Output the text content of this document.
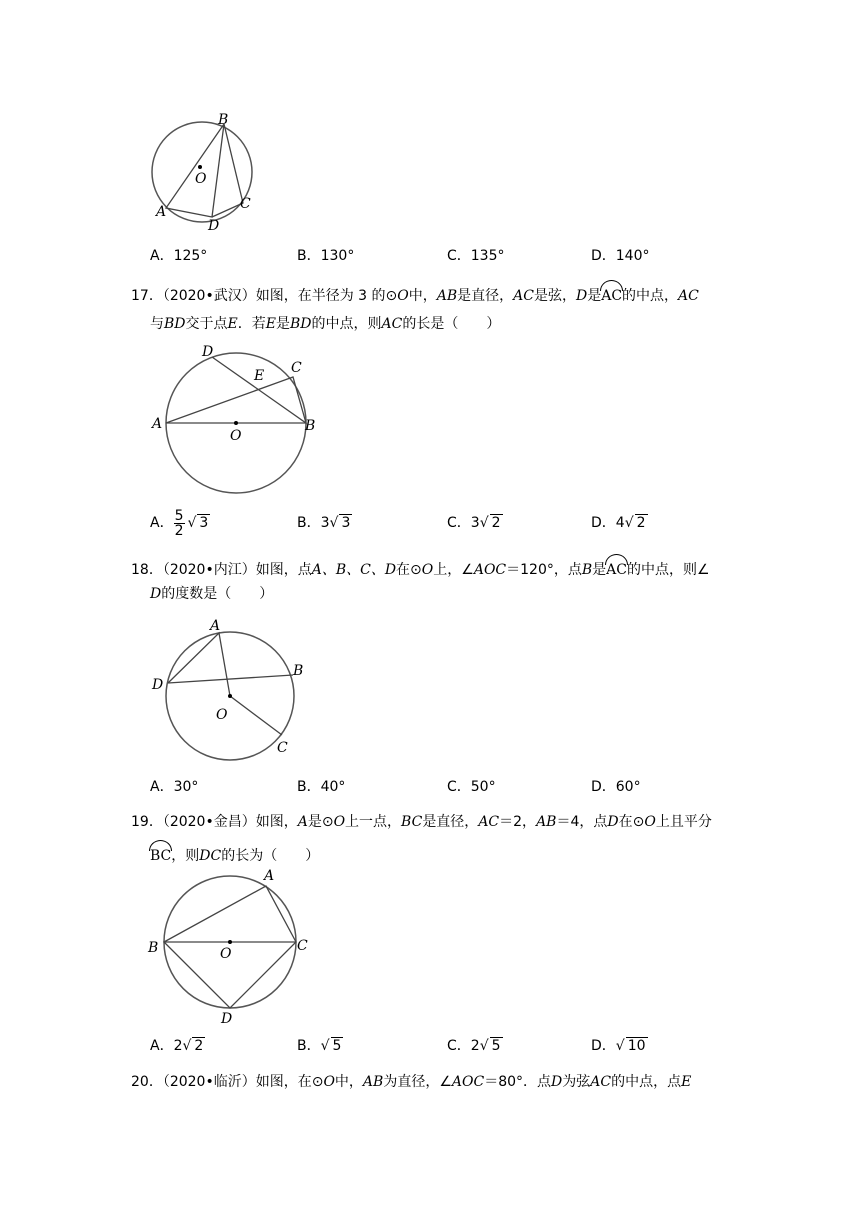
B
O
A
D
C
A．125°	B．130°	C．135°	D．140°
17．（2020•武汉）如图，在半径为 3 的⊙O中，AB是直径，AC是弦，D是AC的中点，AC
与BD交于点E．若E是BD的中点，则AC的长是（　　）
D
E C
A
O
B
A． $\frac{5}{2}$
√ 3	B．3√ 3	C．3√ 2	D．4√ 2
18．（2020•内江）如图，点A、B、C、D在⊙O上，∠AOC＝120°，点B是AC的中点，则∠
D的度数是（　　）
A
B
D
O
C
A．30°	B．40°	C．50°	D．60°
19．（2020•金昌）如图，A是⊙O上一点，BC是直径，AC＝2，AB＝4，点D在⊙O上且平分
BC，则DC的长为（　　）
A
B	O	C
D
A．2√ 2	B．√ 5	C．2√ 5	D．√ 10
20．（2020•临沂）如图，在⊙O中，AB为直径，∠AOC＝80°．点D为弦AC的中点，点E
